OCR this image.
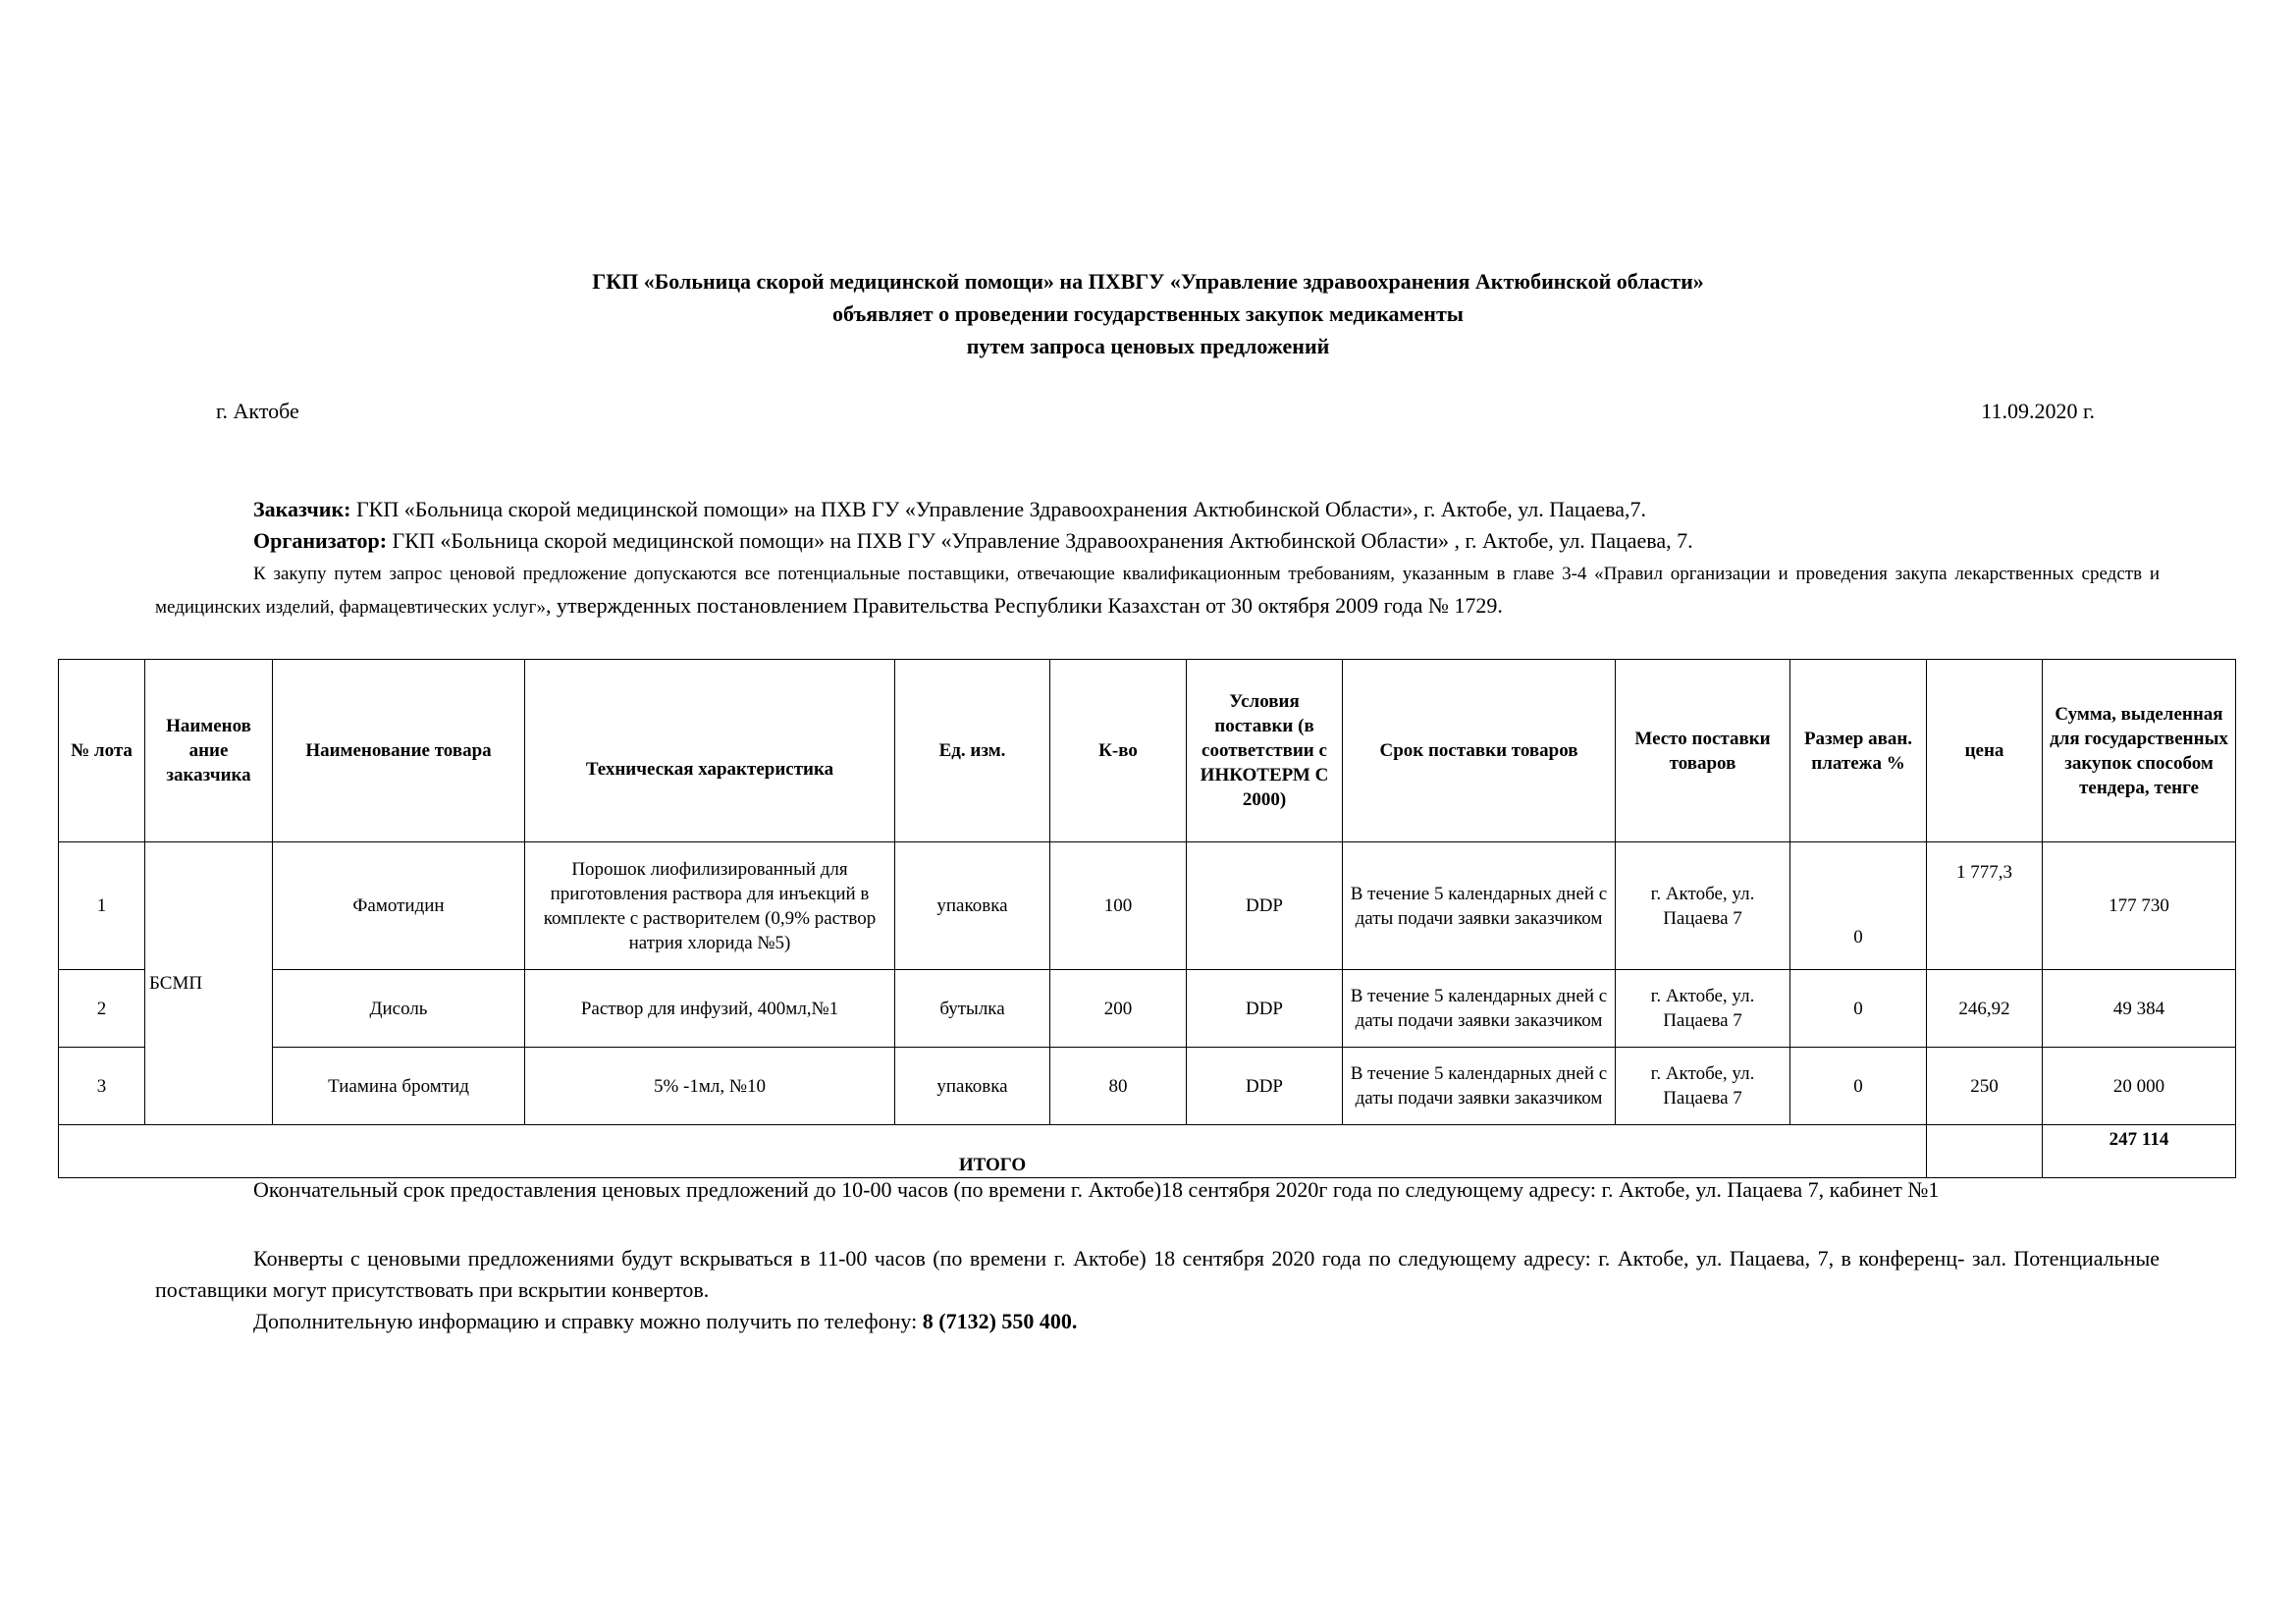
ГКП «Больница скорой медицинской помощи» на ПХВГУ «Управление здравоохранения Актюбинской области»
объявляет о проведении государственных закупок медикаменты
путем запроса ценовых предложений
г. Актобе	11.09.2020 г.
Заказчик: ГКП «Больница скорой медицинской помощи» на ПХВ ГУ «Управление Здравоохранения Актюбинской Области», г. Актобе, ул. Пацаева,7.
Организатор: ГКП «Больница скорой медицинской помощи» на ПХВ ГУ «Управление Здравоохранения Актюбинской Области» , г. Актобе, ул. Пацаева, 7.
К закупу путем запрос ценовой предложение допускаются все потенциальные поставщики, отвечающие квалификационным требованиям, указанным в главе 3-4 «Правил организации и проведения закупа лекарственных средств и медицинских изделий, фармацевтических услуг», утвержденных постановлением Правительства Республики Казахстан от 30 октября 2009 года № 1729.
№ лота	Наименов ание заказчика	Наименование товара	Техническая характеристика	Ед. изм.	К-во	Условия поставки (в соответствии с ИНКОТЕРМ С 2000)	Срок поставки товаров	Место поставки товаров	Размер аван. платежа %	цена	Сумма, выделенная для государственных закупок способом тендера, тенге
1	БСМП	Фамотидин	Порошок лиофилизированный для приготовления раствора для инъекций в комплекте с растворителем (0,9% раствор натрия хлорида №5)	упаковка	100	DDP	В течение 5 календарных дней с даты подачи заявки заказчиком	г. Актобе, ул. Пацаева 7	0	1 777,3	177 730
2		Дисоль	Раствор для инфузий, 400мл,№1	бутылка	200	DDP	В течение 5 календарных дней с даты подачи заявки заказчиком	г. Актобе, ул. Пацаева 7	0	246,92	49 384
3		Тиамина бромтид	5% -1мл, №10	упаковка	80	DDP	В течение 5 календарных дней с даты подачи заявки заказчиком	г. Актобе, ул. Пацаева 7	0	250	20 000
ИТОГО											247 114
Окончательный срок предоставления ценовых предложений до 10-00 часов (по времени г. Актобе)18 сентября 2020г года по следующему адресу: г. Актобе, ул. Пацаева 7, кабинет №1
Конверты с ценовыми предложениями будут вскрываться в 11-00 часов (по времени г. Актобе) 18 сентября 2020 года по следующему адресу: г. Актобе, ул. Пацаева, 7, в конференц- зал. Потенциальные поставщики могут присутствовать при вскрытии конвертов.
Дополнительную информацию и справку можно получить по телефону: 8 (7132) 550 400.
